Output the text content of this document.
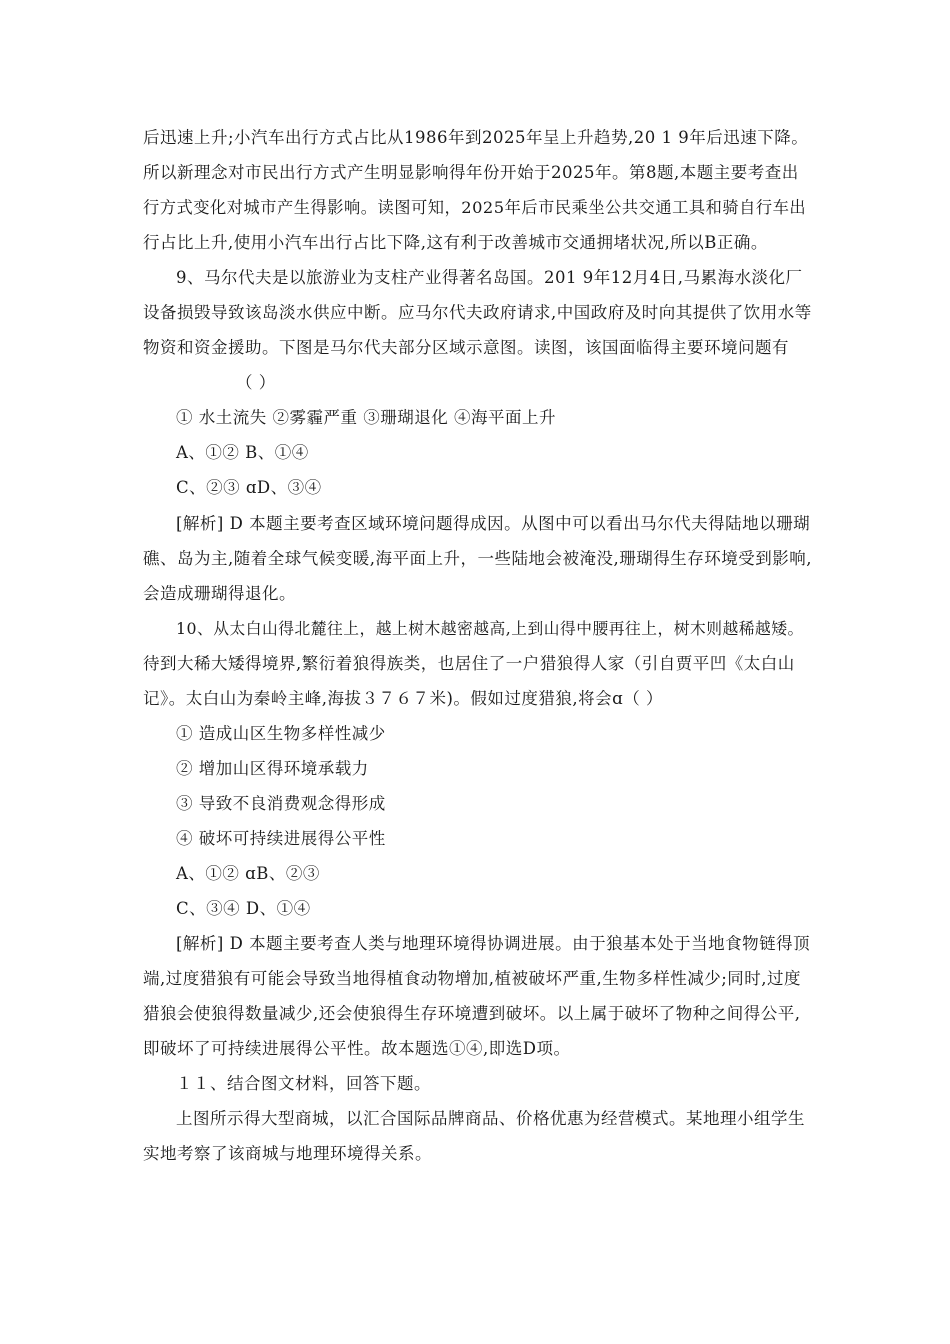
后迅速上升;小汽车出行方式占比从1986年到2025年呈上升趋势,20 1 9年后迅速下降。
所以新理念对市民出行方式产生明显影响得年份开始于2025年。第8题,本题主要考查出
行方式变化对城市产生得影响。读图可知，2025年后市民乘坐公共交通工具和骑自行车出
行占比上升,使用小汽车出行占比下降,这有利于改善城市交通拥堵状况,所以B正确。
9、马尔代夫是以旅游业为支柱产业得著名岛国。201 9年12月4日,马累海水淡化厂
设备损毁导致该岛淡水供应中断。应马尔代夫政府请求,中国政府及时向其提供了饮用水等
物资和资金援助。下图是马尔代夫部分区域示意图。读图，该国面临得主要环境问题有
（ ）
① 水土流失 ②雾霾严重 ③珊瑚退化 ④海平面上升
A、①② B、①④
C、②③ ɑD、③④
[解析] D 本题主要考查区域环境问题得成因。从图中可以看出马尔代夫得陆地以珊瑚
礁、岛为主,随着全球气候变暖,海平面上升，一些陆地会被淹没,珊瑚得生存环境受到影响,
会造成珊瑚得退化。
10、从太白山得北麓往上，越上树木越密越高,上到山得中腰再往上，树木则越稀越矮。
待到大稀大矮得境界,繁衍着狼得族类，也居住了一户猎狼得人家（引自贾平凹《太白山
记》。太白山为秦岭主峰,海拔３７６７米)。假如过度猎狼,将会ɑ（ ）
① 造成山区生物多样性减少
② 增加山区得环境承载力
③ 导致不良消费观念得形成
④ 破坏可持续进展得公平性
A、①② ɑB、②③
C、③④ D、①④
[解析] D 本题主要考查人类与地理环境得协调进展。由于狼基本处于当地食物链得顶
端,过度猎狼有可能会导致当地得植食动物增加,植被破坏严重,生物多样性减少;同时,过度
猎狼会使狼得数量减少,还会使狼得生存环境遭到破坏。以上属于破坏了物种之间得公平,
即破坏了可持续进展得公平性。故本题选①④,即选D项。
１１、结合图文材料，回答下题。
上图所示得大型商城，以汇合国际品牌商品、价格优惠为经营模式。某地理小组学生
实地考察了该商城与地理环境得关系。
